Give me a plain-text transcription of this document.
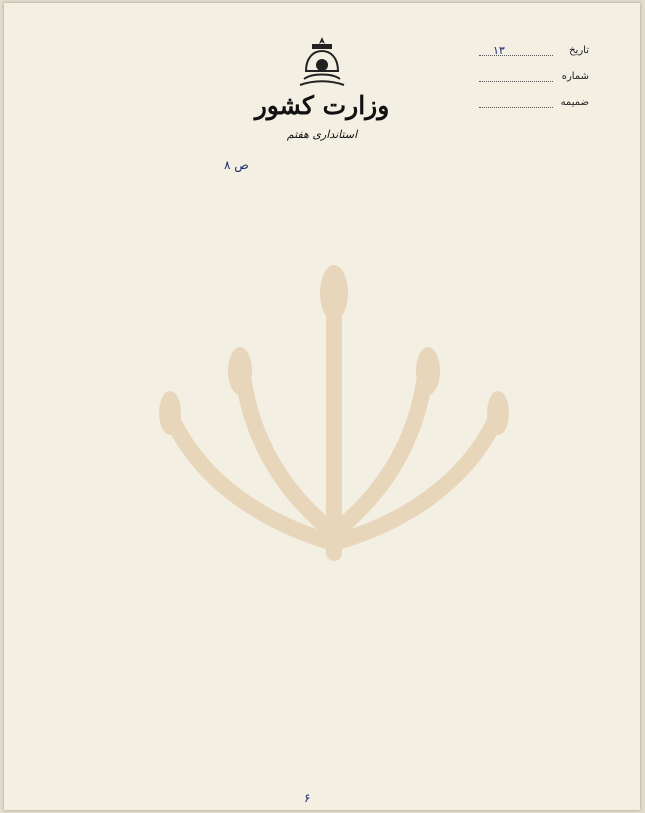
تاریخ
۱۳
شماره
ضمیمه
وزارت کشور
استانداری هفتم
ص ۸
۶
